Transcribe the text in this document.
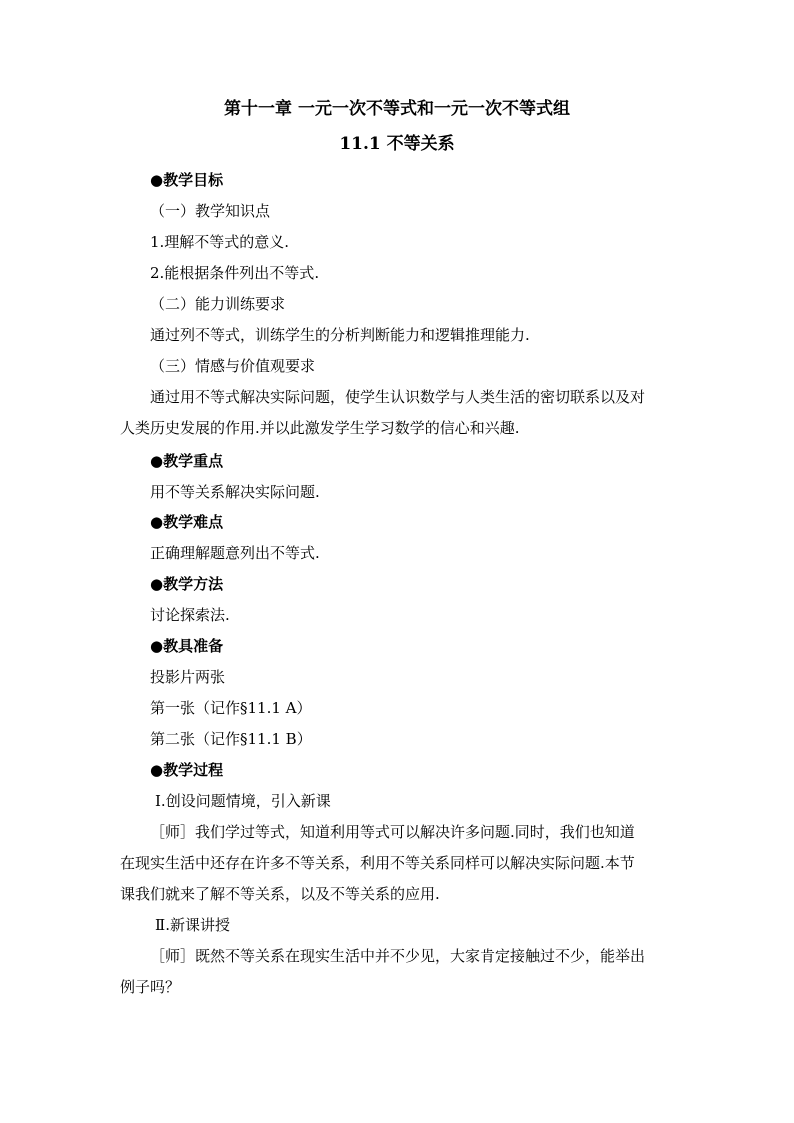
第十一章 一元一次不等式和一元一次不等式组
11.1 不等关系
●教学目标
（一）教学知识点
1.理解不等式的意义.
2.能根据条件列出不等式.
（二）能力训练要求
通过列不等式，训练学生的分析判断能力和逻辑推理能力.
（三）情感与价值观要求
通过用不等式解决实际问题，使学生认识数学与人类生活的密切联系以及对
人类历史发展的作用.并以此激发学生学习数学的信心和兴趣.
●教学重点
用不等关系解决实际问题.
●教学难点
正确理解题意列出不等式.
●教学方法
讨论探索法.
●教具准备
投影片两张
第一张（记作§11.1 A）
第二张（记作§11.1 B）
●教学过程
Ⅰ.创设问题情境，引入新课
［师］我们学过等式，知道利用等式可以解决许多问题.同时，我们也知道
在现实生活中还存在许多不等关系，利用不等关系同样可以解决实际问题.本节
课我们就来了解不等关系，以及不等关系的应用.
Ⅱ.新课讲授
［师］既然不等关系在现实生活中并不少见，大家肯定接触过不少，能举出
例子吗？
